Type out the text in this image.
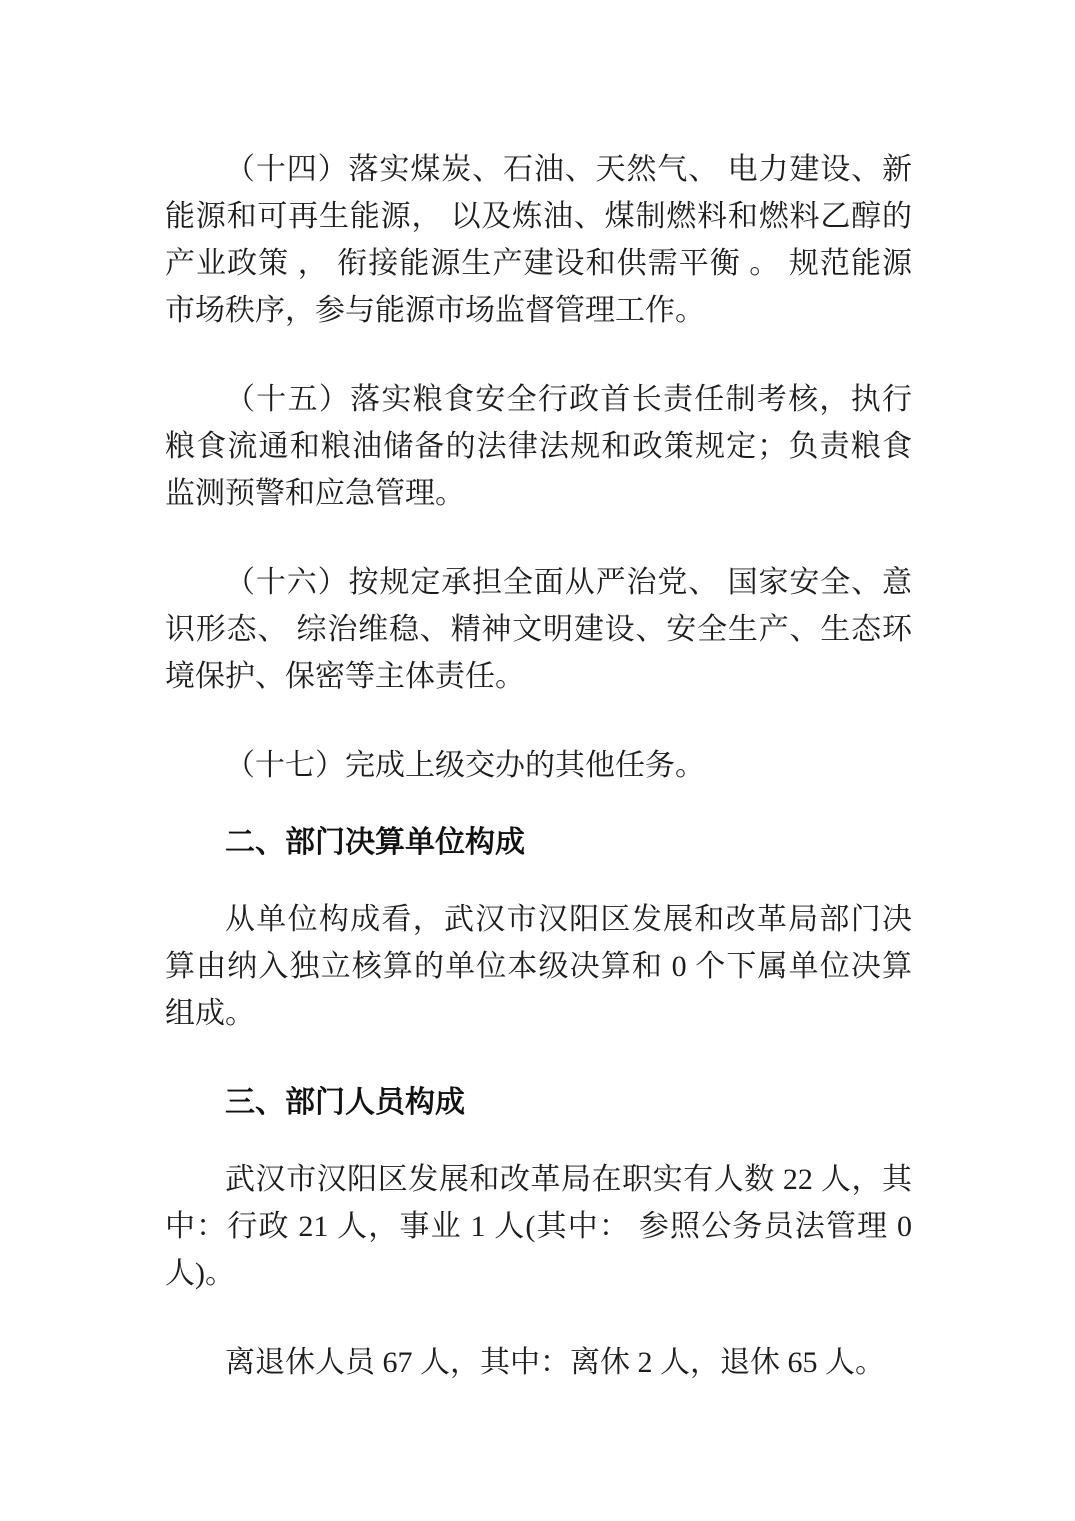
（十四）落实煤炭、石油、天然气、 电力建设、新能源和可再生能源， 以及炼油、煤制燃料和燃料乙醇的产业政策 ， 衔接能源生产建设和供需平衡 。 规范能源市场秩序，参与能源市场监督管理工作。

（十五）落实粮食安全行政首长责任制考核，执行粮食流通和粮油储备的法律法规和政策规定；负责粮食监测预警和应急管理。

（十六）按规定承担全面从严治党、 国家安全、意识形态、 综治维稳、精神文明建设、安全生产、生态环境保护、保密等主体责任。

（十七）完成上级交办的其他任务。

二、部门决算单位构成

从单位构成看，武汉市汉阳区发展和改革局部门决算由纳入独立核算的单位本级决算和 0 个下属单位决算组成。

三、部门人员构成

武汉市汉阳区发展和改革局在职实有人数 22 人，其中：行政 21 人，事业 1 人(其中： 参照公务员法管理 0 人)。

离退休人员 67 人，其中：离休 2 人，退休 65 人。
